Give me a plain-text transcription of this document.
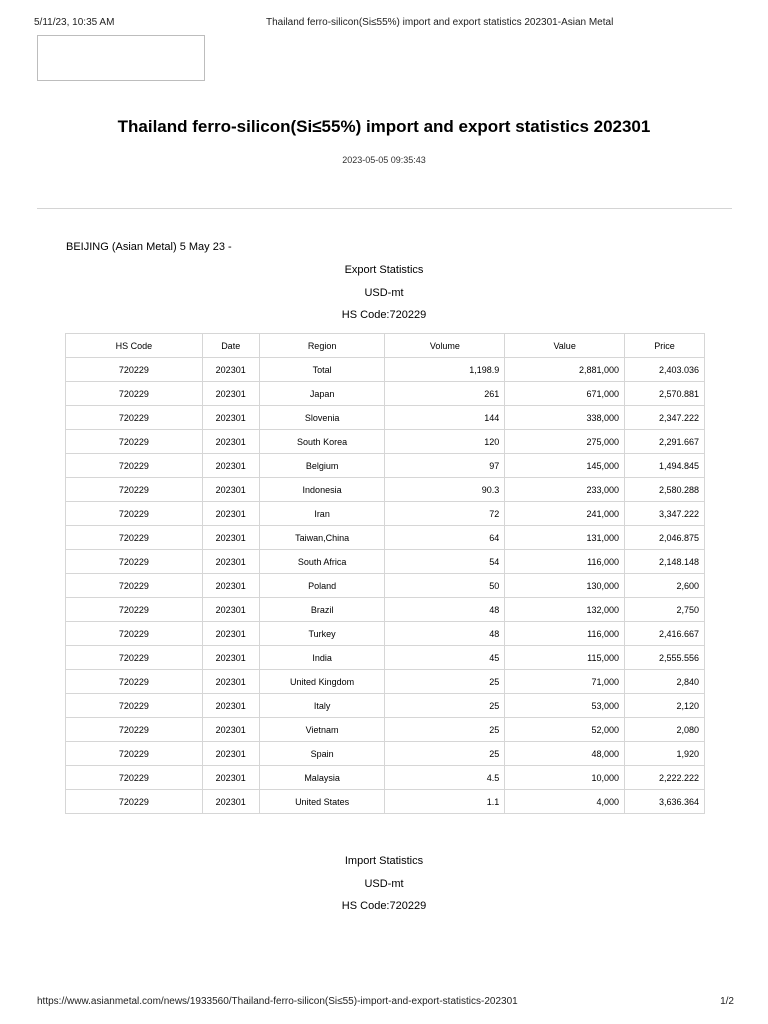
5/11/23, 10:35 AM	Thailand ferro-silicon(Si≤55%) import and export statistics 202301-Asian Metal
Thailand ferro-silicon(Si≤55%) import and export statistics 202301
2023-05-05 09:35:43
BEIJING (Asian Metal) 5 May 23 -
Export Statistics
USD-mt
HS Code:720229
HS Code	Date	Region	Volume	Value	Price
720229	202301	Total	1,198.9	2,881,000	2,403.036
720229	202301	Japan	261	671,000	2,570.881
720229	202301	Slovenia	144	338,000	2,347.222
720229	202301	South Korea	120	275,000	2,291.667
720229	202301	Belgium	97	145,000	1,494.845
720229	202301	Indonesia	90.3	233,000	2,580.288
720229	202301	Iran	72	241,000	3,347.222
720229	202301	Taiwan,China	64	131,000	2,046.875
720229	202301	South Africa	54	116,000	2,148.148
720229	202301	Poland	50	130,000	2,600
720229	202301	Brazil	48	132,000	2,750
720229	202301	Turkey	48	116,000	2,416.667
720229	202301	India	45	115,000	2,555.556
720229	202301	United Kingdom	25	71,000	2,840
720229	202301	Italy	25	53,000	2,120
720229	202301	Vietnam	25	52,000	2,080
720229	202301	Spain	25	48,000	1,920
720229	202301	Malaysia	4.5	10,000	2,222.222
720229	202301	United States	1.1	4,000	3,636.364
Import Statistics
USD-mt
HS Code:720229
https://www.asianmetal.com/news/1933560/Thailand-ferro-silicon(Si≤55)-import-and-export-statistics-202301	1/2
